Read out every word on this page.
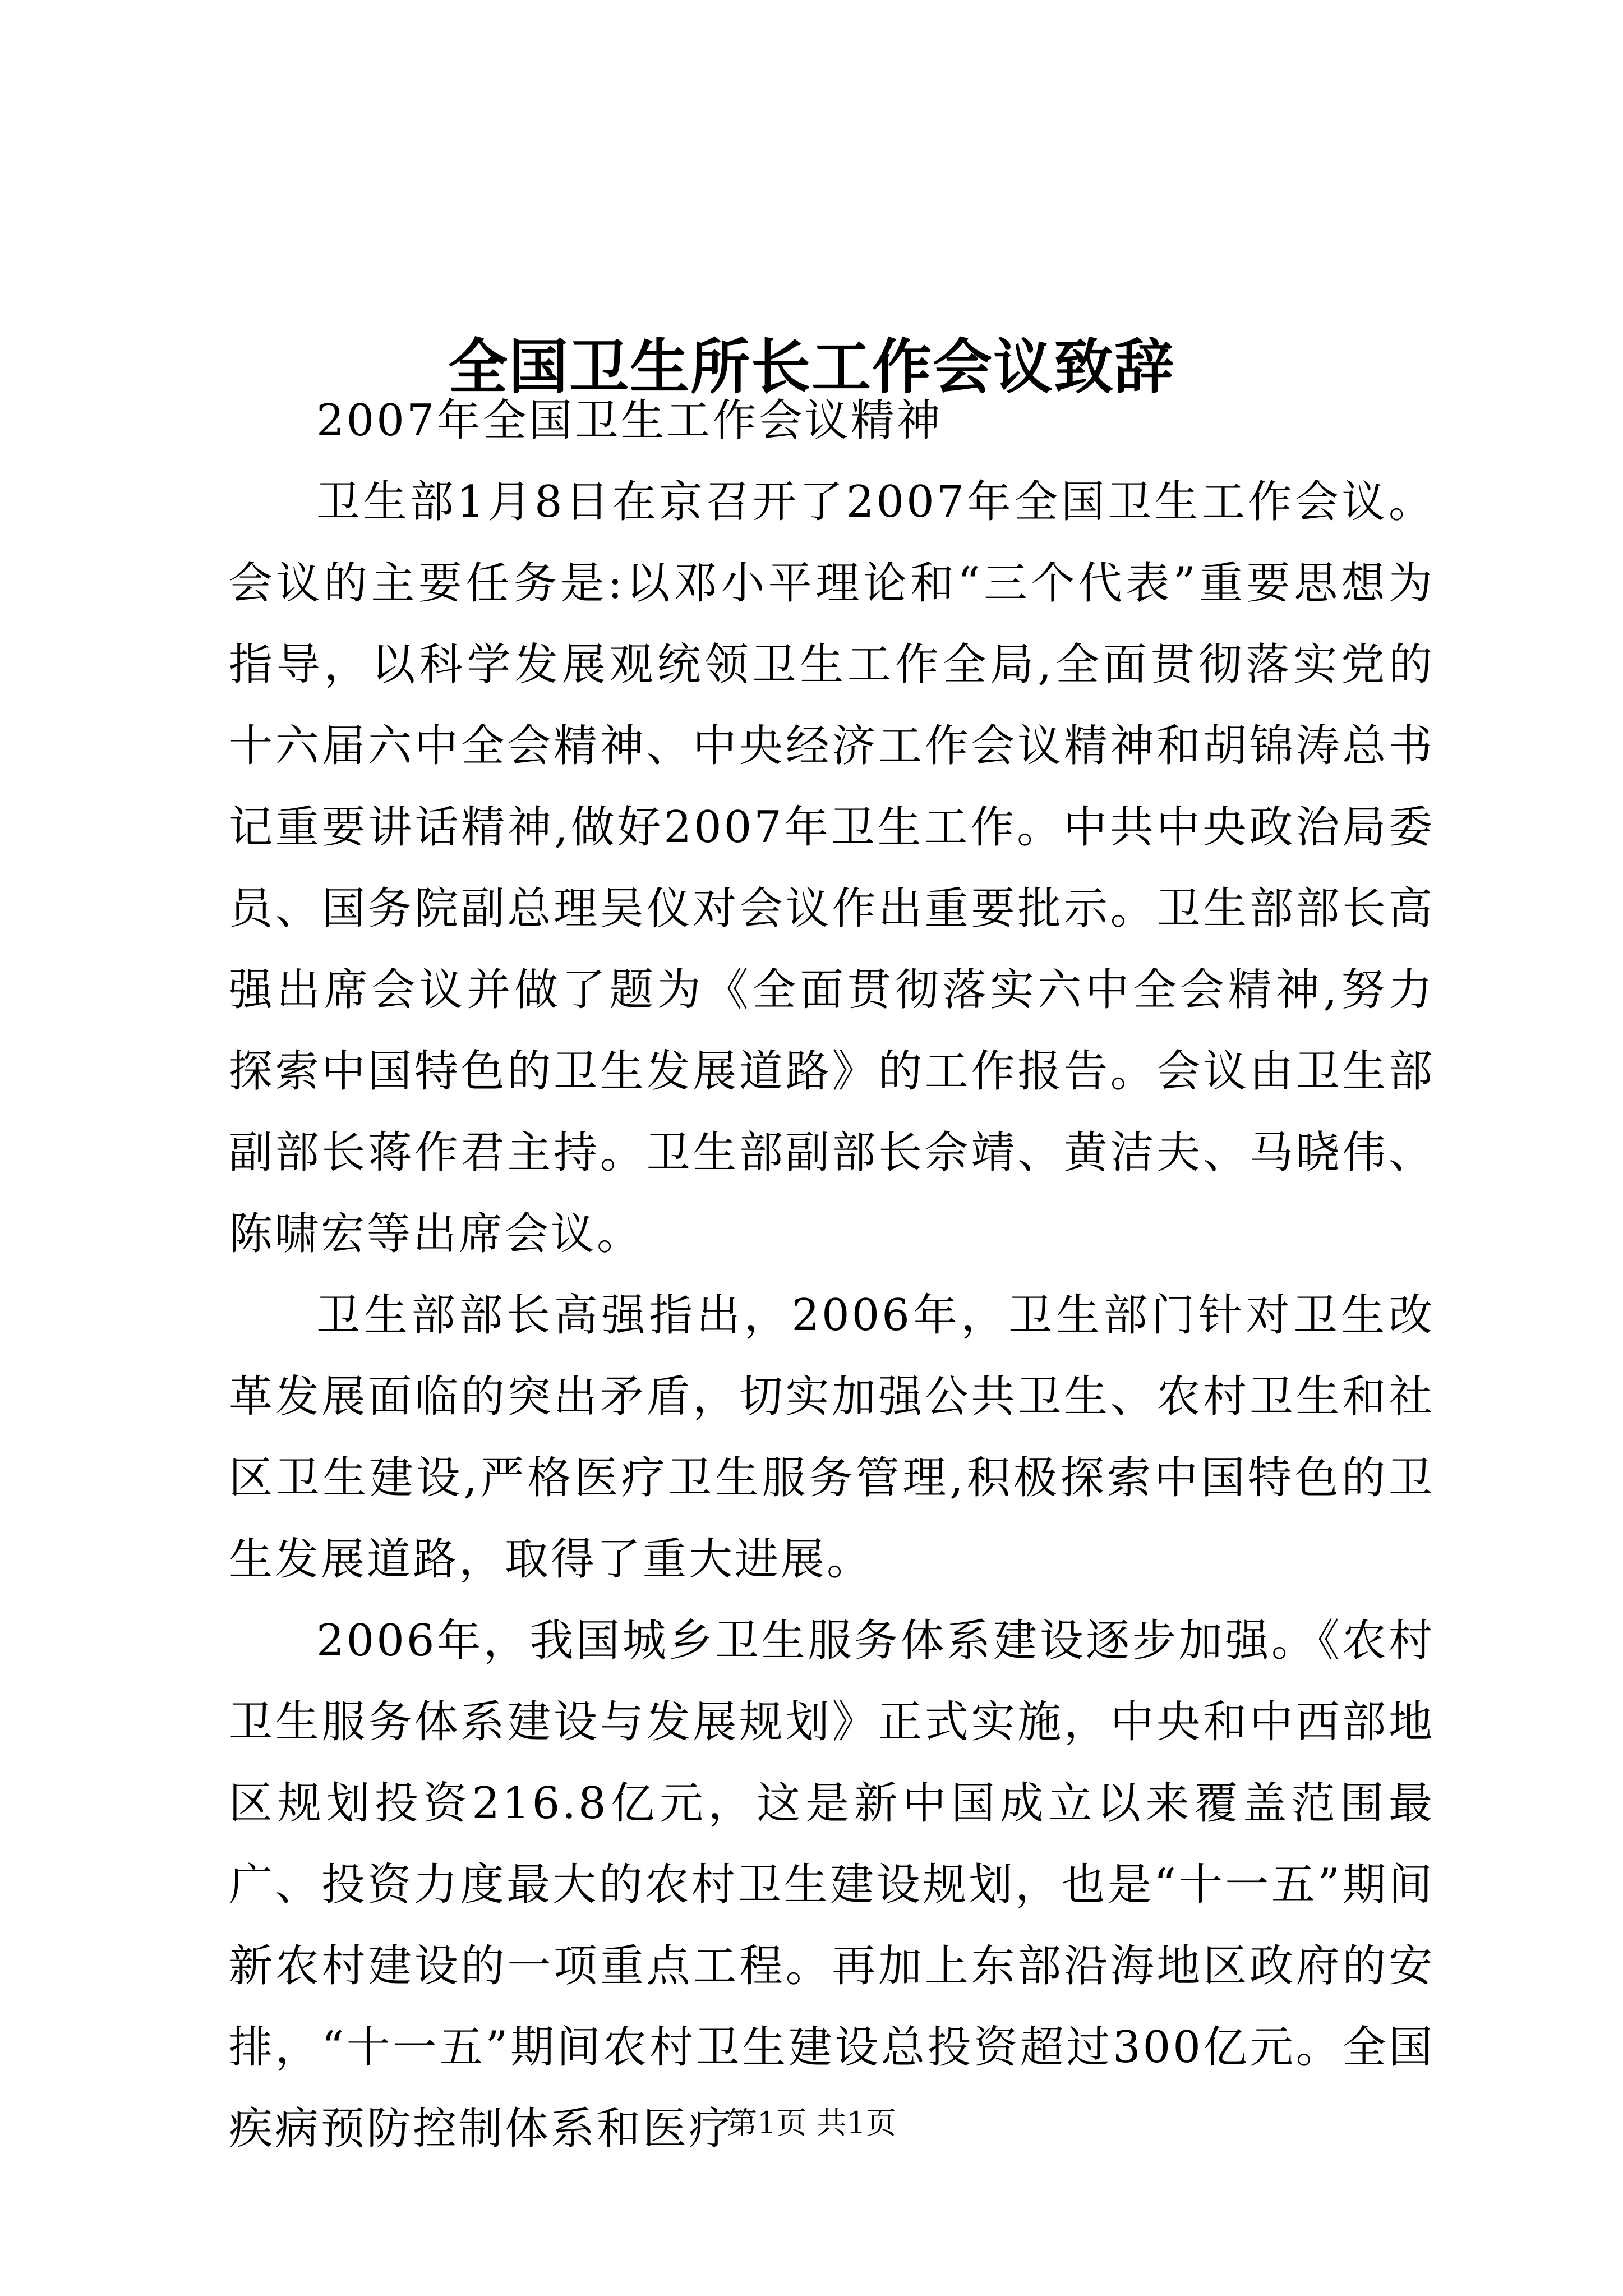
全国卫生所长工作会议致辞

2007年全国卫生工作会议精神

卫生部1月8日在京召开了2007年全国卫生工作会议。会议的主要任务是:以邓小平理论和“三个代表”重要思想为指导，以科学发展观统领卫生工作全局,全面贯彻落实党的十六届六中全会精神、中央经济工作会议精神和胡锦涛总书记重要讲话精神,做好2007年卫生工作。中共中央政治局委员、国务院副总理吴仪对会议作出重要批示。卫生部部长高强出席会议并做了题为《全面贯彻落实六中全会精神,努力探索中国特色的卫生发展道路》的工作报告。会议由卫生部副部长蒋作君主持。卫生部副部长佘靖、黄洁夫、马晓伟、陈啸宏等出席会议。

卫生部部长高强指出，2006年，卫生部门针对卫生改革发展面临的突出矛盾，切实加强公共卫生、农村卫生和社区卫生建设,严格医疗卫生服务管理,积极探索中国特色的卫生发展道路，取得了重大进展。

2006年，我国城乡卫生服务体系建设逐步加强。《农村卫生服务体系建设与发展规划》正式实施，中央和中西部地区规划投资216.8亿元，这是新中国成立以来覆盖范围最广、投资力度最大的农村卫生建设规划，也是“十一五”期间新农村建设的一项重点工程。再加上东部沿海地区政府的安排，“十一五”期间农村卫生建设总投资超过300亿元。全国疾病预防控制体系和医疗

第1页 共1页
